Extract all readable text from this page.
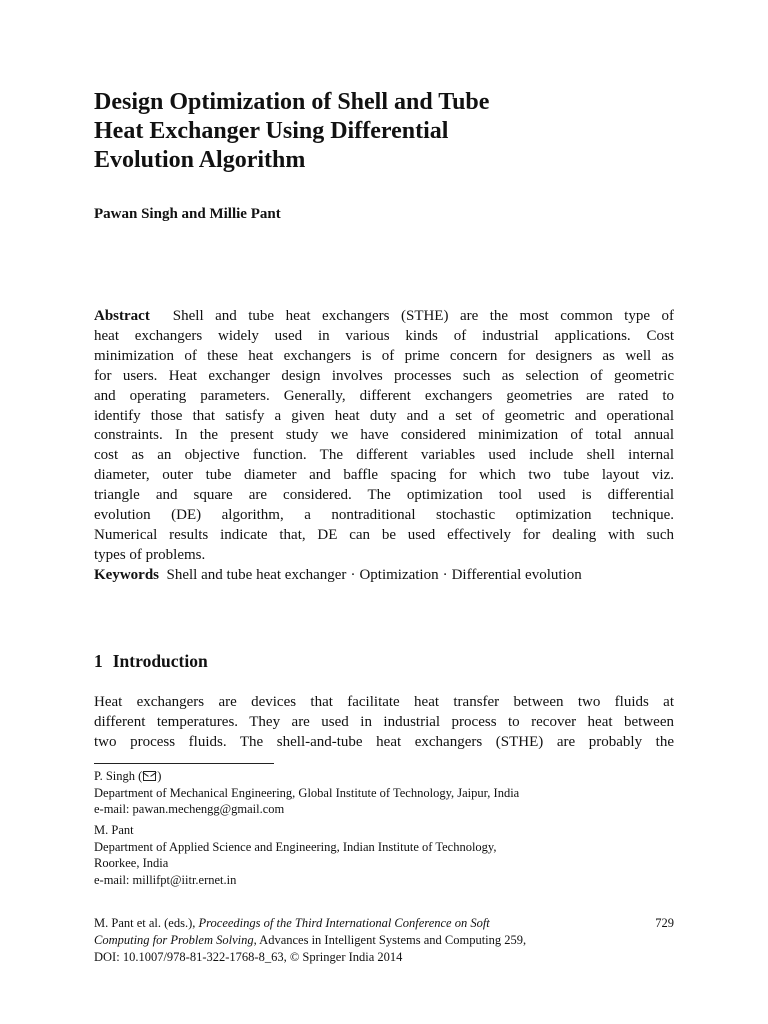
Design Optimization of Shell and Tube
Heat Exchanger Using Differential
Evolution Algorithm
Pawan Singh and Millie Pant
Abstract Shell and tube heat exchangers (STHE) are the most common type of
heat exchangers widely used in various kinds of industrial applications. Cost
minimization of these heat exchangers is of prime concern for designers as well as
for users. Heat exchanger design involves processes such as selection of geometric
and operating parameters. Generally, different exchangers geometries are rated to
identify those that satisfy a given heat duty and a set of geometric and operational
constraints. In the present study we have considered minimization of total annual
cost as an objective function. The different variables used include shell internal
diameter, outer tube diameter and baffle spacing for which two tube layout viz.
triangle and square are considered. The optimization tool used is differential
evolution (DE) algorithm, a nontraditional stochastic optimization technique.
Numerical results indicate that, DE can be used effectively for dealing with such
types of problems.
Keywords Shell and tube heat exchanger · Optimization · Differential evolution
1 Introduction
Heat exchangers are devices that facilitate heat transfer between two fluids at
different temperatures. They are used in industrial process to recover heat between
two process fluids. The shell-and-tube heat exchangers (STHE) are probably the
P. Singh ( )
Department of Mechanical Engineering, Global Institute of Technology, Jaipur, India
e-mail: pawan.mechengg@gmail.com
M. Pant
Department of Applied Science and Engineering, Indian Institute of Technology,
Roorkee, India
e-mail: millifpt@iitr.ernet.in
M. Pant et al. (eds.), Proceedings of the Third International Conference on Soft
Computing for Problem Solving, Advances in Intelligent Systems and Computing 259,
DOI: 10.1007/978-81-322-1768-8_63, © Springer India 2014
729
